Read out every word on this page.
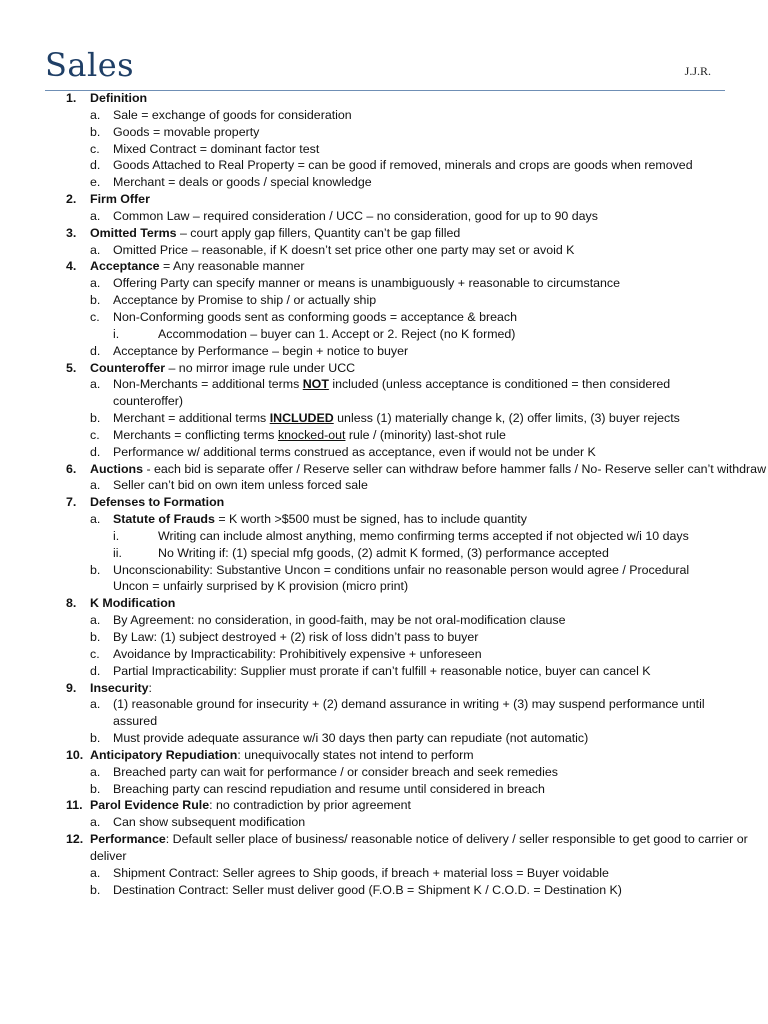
Sales	J.J.R.
1.	Definition
a. Sale = exchange of goods for consideration
b. Goods = movable property
c. Mixed Contract = dominant factor test
d. Goods Attached to Real Property = can be good if removed, minerals and crops are goods when removed
e. Merchant = deals or goods / special knowledge
2.	Firm Offer
a. Common Law – required consideration / UCC – no consideration, good for up to 90 days
3.	Omitted Terms – court apply gap fillers, Quantity can’t be gap filled
a. Omitted Price – reasonable, if K doesn’t set price other one party may set or avoid K
4.	Acceptance = Any reasonable manner
a. Offering Party can specify manner or means is unambiguously + reasonable to circumstance
b. Acceptance by Promise to ship / or actually ship
c. Non-Conforming goods sent as conforming goods = acceptance & breach
i.	Accommodation – buyer can 1. Accept or 2. Reject (no K formed)
d. Acceptance by Performance – begin + notice to buyer
5.	Counteroffer – no mirror image rule under UCC
a. Non-Merchants = additional terms NOT included (unless acceptance is conditioned = then considered counteroffer)
b. Merchant = additional terms INCLUDED unless (1) materially change k, (2) offer limits, (3) buyer rejects
c. Merchants = conflicting terms knocked-out rule / (minority) last-shot rule
d. Performance w/ additional terms construed as acceptance, even if would not be under K
6.	Auctions - each bid is separate offer / Reserve seller can withdraw before hammer falls / No- Reserve seller can’t withdraw
a. Seller can’t bid on own item unless forced sale
7.	Defenses to Formation
a. Statute of Frauds = K worth >$500 must be signed, has to include quantity
i.	Writing can include almost anything, memo confirming terms accepted if not objected w/i 10 days
ii.	No Writing if: (1) special mfg goods, (2) admit K formed, (3) performance accepted
b. Unconscionability: Substantive Uncon = conditions unfair no reasonable person would agree / Procedural Uncon = unfairly surprised by K provision (micro print)
8.	K Modification
a. By Agreement: no consideration, in good-faith, may be not oral-modification clause
b. By Law: (1) subject destroyed + (2) risk of loss didn’t pass to buyer
c. Avoidance by Impracticability: Prohibitively expensive + unforeseen
d. Partial Impracticability: Supplier must prorate if can’t fulfill + reasonable notice, buyer can cancel K
9.	Insecurity:
a. (1) reasonable ground for insecurity + (2) demand assurance in writing + (3) may suspend performance until assured
b. Must provide adequate assurance w/i 30 days then party can repudiate (not automatic)
10. Anticipatory Repudiation: unequivocally states not intend to perform
a. Breached party can wait for performance / or consider breach and seek remedies
b. Breaching party can rescind repudiation and resume until considered in breach
11. Parol Evidence Rule: no contradiction by prior agreement
a. Can show subsequent modification
12. Performance: Default seller place of business/ reasonable notice of delivery / seller responsible to get good to carrier or deliver
a. Shipment Contract: Seller agrees to Ship goods, if breach + material loss = Buyer voidable
b. Destination Contract: Seller must deliver good (F.O.B = Shipment K / C.O.D. = Destination K)
